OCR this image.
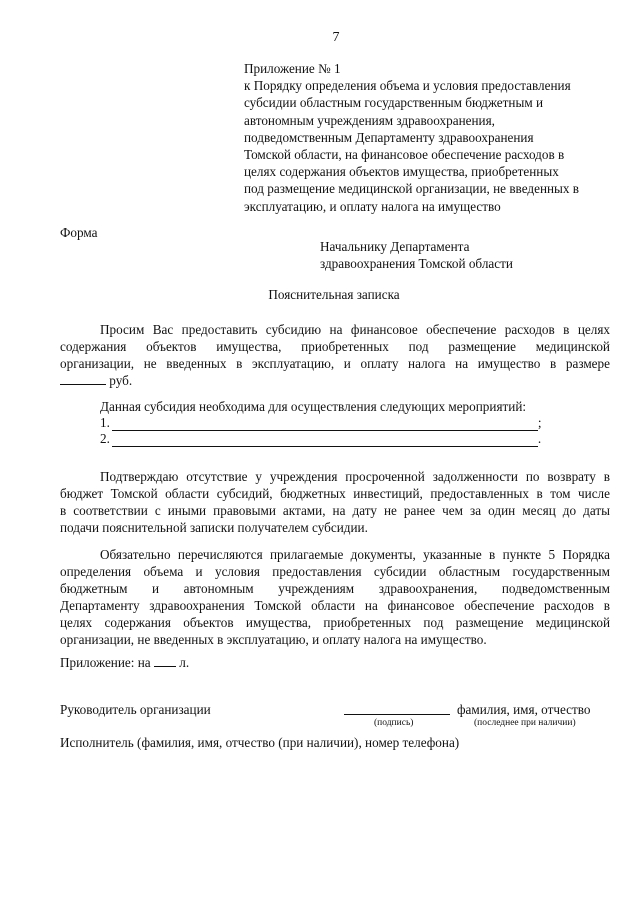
7
Приложение № 1
к Порядку определения объема и условия предоставления
субсидии областным государственным бюджетным и
автономным учреждениям здравоохранения,
подведомственным Департаменту здравоохранения
Томской области, на финансовое обеспечение расходов в
целях содержания объектов имущества, приобретенных
под размещение медицинской организации, не введенных в
эксплуатацию, и оплату налога на имущество
Форма
Начальнику Департамента
здравоохранения Томской области
Пояснительная записка
Просим Вас предоставить субсидию на финансовое обеспечение расходов в целях
содержания объектов имущества, приобретенных под размещение медицинской
организации, не введенных в эксплуатацию, и оплату налога на имущество в размере
руб.
Данная субсидия необходима для осуществления следующих мероприятий:
1.	;
2.	.
Подтверждаю отсутствие у учреждения просроченной задолженности по возврату в
бюджет Томской области субсидий, бюджетных инвестиций, предоставленных в том числе
в соответствии с иными правовыми актами, на дату не ранее чем за один месяц до даты
подачи пояснительной записки получателем субсидии.
Обязательно перечисляются прилагаемые документы, указанные в пункте 5 Порядка
определения объема и условия предоставления субсидии областным государственным
бюджетным и автономным учреждениям здравоохранения, подведомственным
Департаменту здравоохранения Томской области на финансовое обеспечение расходов в
целях содержания объектов имущества, приобретенных под размещение медицинской
организации, не введенных в эксплуатацию, и оплату налога на имущество.
Приложение: на л.
Руководитель организации	фамилия, имя, отчество
(подпись)	(последнее при наличии)
Исполнитель (фамилия, имя, отчество (при наличии), номер телефона)
